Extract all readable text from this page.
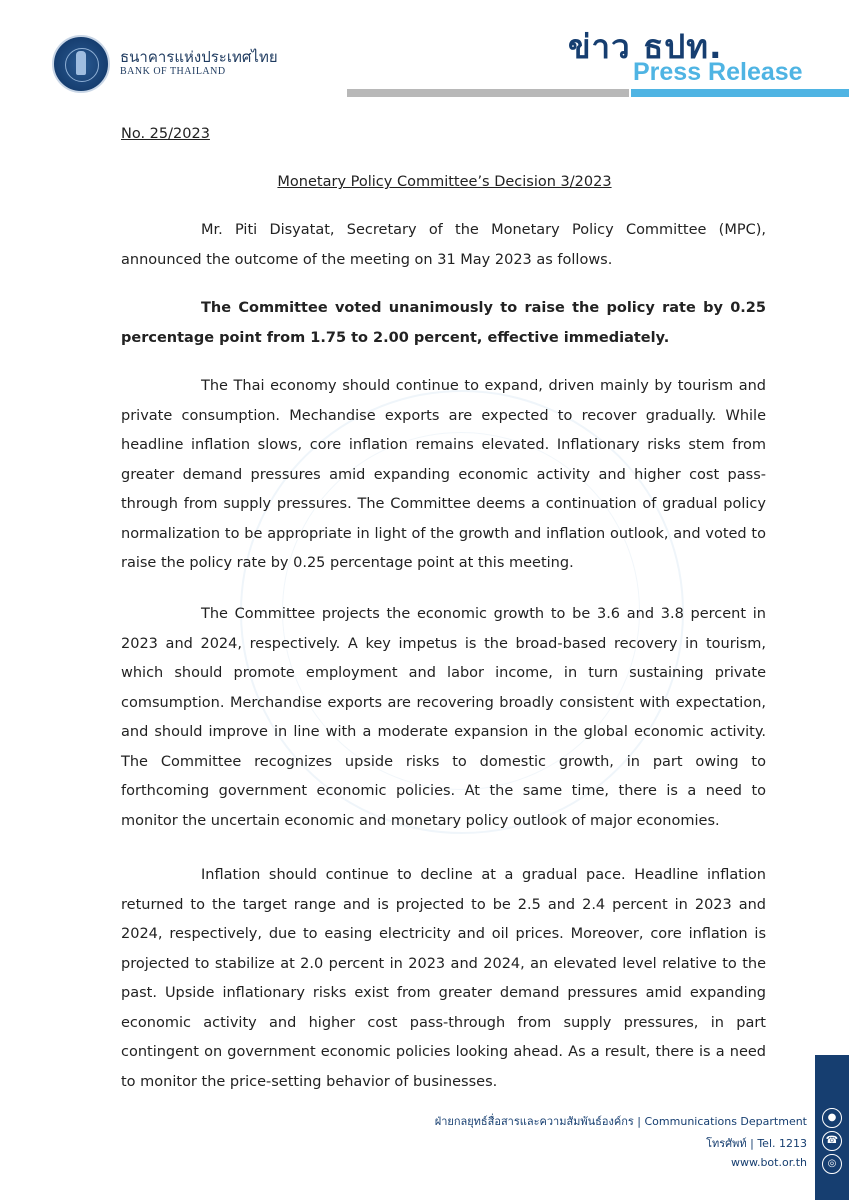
ธนาคารแห่งประเทศไทย
BANK OF THAILAND
ข่าว ธปท.
Press Release
No. 25/2023
Monetary Policy Committee’s Decision 3/2023

Mr. Piti Disyatat, Secretary of the Monetary Policy Committee (MPC), announced the outcome of the meeting on 31 May 2023 as follows.

The Committee voted unanimously to raise the policy rate by 0.25 percentage point from 1.75 to 2.00 percent, effective immediately.

The Thai economy should continue to expand, driven mainly by tourism and private consumption. Mechandise exports are expected to recover gradually. While headline inflation slows, core inflation remains elevated. Inflationary risks stem from greater demand pressures amid expanding economic activity and higher cost pass-through from supply pressures. The Committee deems a continuation of gradual policy normalization to be appropriate in light of the growth and inflation outlook, and voted to raise the policy rate by 0.25 percentage point at this meeting.

The Committee projects the economic growth to be 3.6 and 3.8 percent in 2023 and 2024, respectively. A key impetus is the broad-based recovery in tourism, which should promote employment and labor income, in turn sustaining private comsumption. Merchandise exports are recovering broadly consistent with expectation, and should improve in line with a moderate expansion in the global economic activity. The Committee recognizes upside risks to domestic growth, in part owing to forthcoming government economic policies. At the same time, there is a need to monitor the uncertain economic and monetary policy outlook of major economies.

Inflation should continue to decline at a gradual pace. Headline inflation returned to the target range and is projected to be 2.5 and 2.4 percent in 2023 and 2024, respectively, due to easing electricity and oil prices. Moreover, core inflation is projected to stabilize at 2.0 percent in 2023 and 2024, an elevated level relative to the past. Upside inflationary risks exist from greater demand pressures amid expanding economic activity and higher cost pass-through from supply pressures, in part contingent on government economic policies looking ahead. As a result, there is a need to monitor the price-setting behavior of businesses.

ฝ่ายกลยุทธ์สื่อสารและความสัมพันธ์องค์กร | Communications Department
โทรศัพท์ | Tel. 1213
www.bot.or.th
●
☎
◎
